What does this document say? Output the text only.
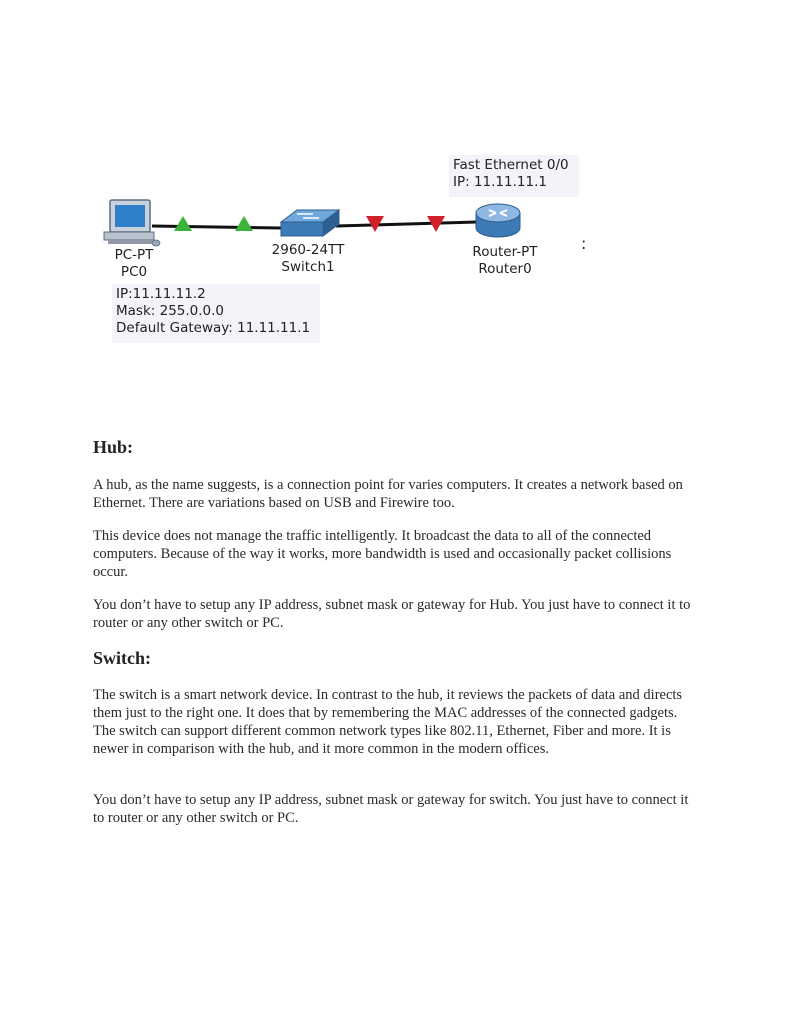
Fast Ethernet 0/0
IP: 11.11.11.1
PC-PT
PC0
2960-24TT
Switch1
Router-PT
Router0
:
IP:11.11.11.2
Mask: 255.0.0.0
Default Gateway: 11.11.11.1
Hub:

A hub, as the name suggests, is a connection point for varies computers. It creates a network based on Ethernet. There are variations based on USB and Firewire too.

This device does not manage the traffic intelligently. It broadcast the data to all of the connected computers. Because of the way it works, more bandwidth is used and occasionally packet collisions occur.

You don’t have to setup any IP address, subnet mask or gateway for Hub. You just have to connect it to router or any other switch or PC.

Switch:

The switch is a smart network device. In contrast to the hub, it reviews the packets of data and directs them just to the right one. It does that by remembering the MAC addresses of the connected gadgets. The switch can support different common network types like 802.11, Ethernet, Fiber and more. It is newer in comparison with the hub, and it more common in the modern offices.

You don’t have to setup any IP address, subnet mask or gateway for switch. You just have to connect it to router or any other switch or PC.
